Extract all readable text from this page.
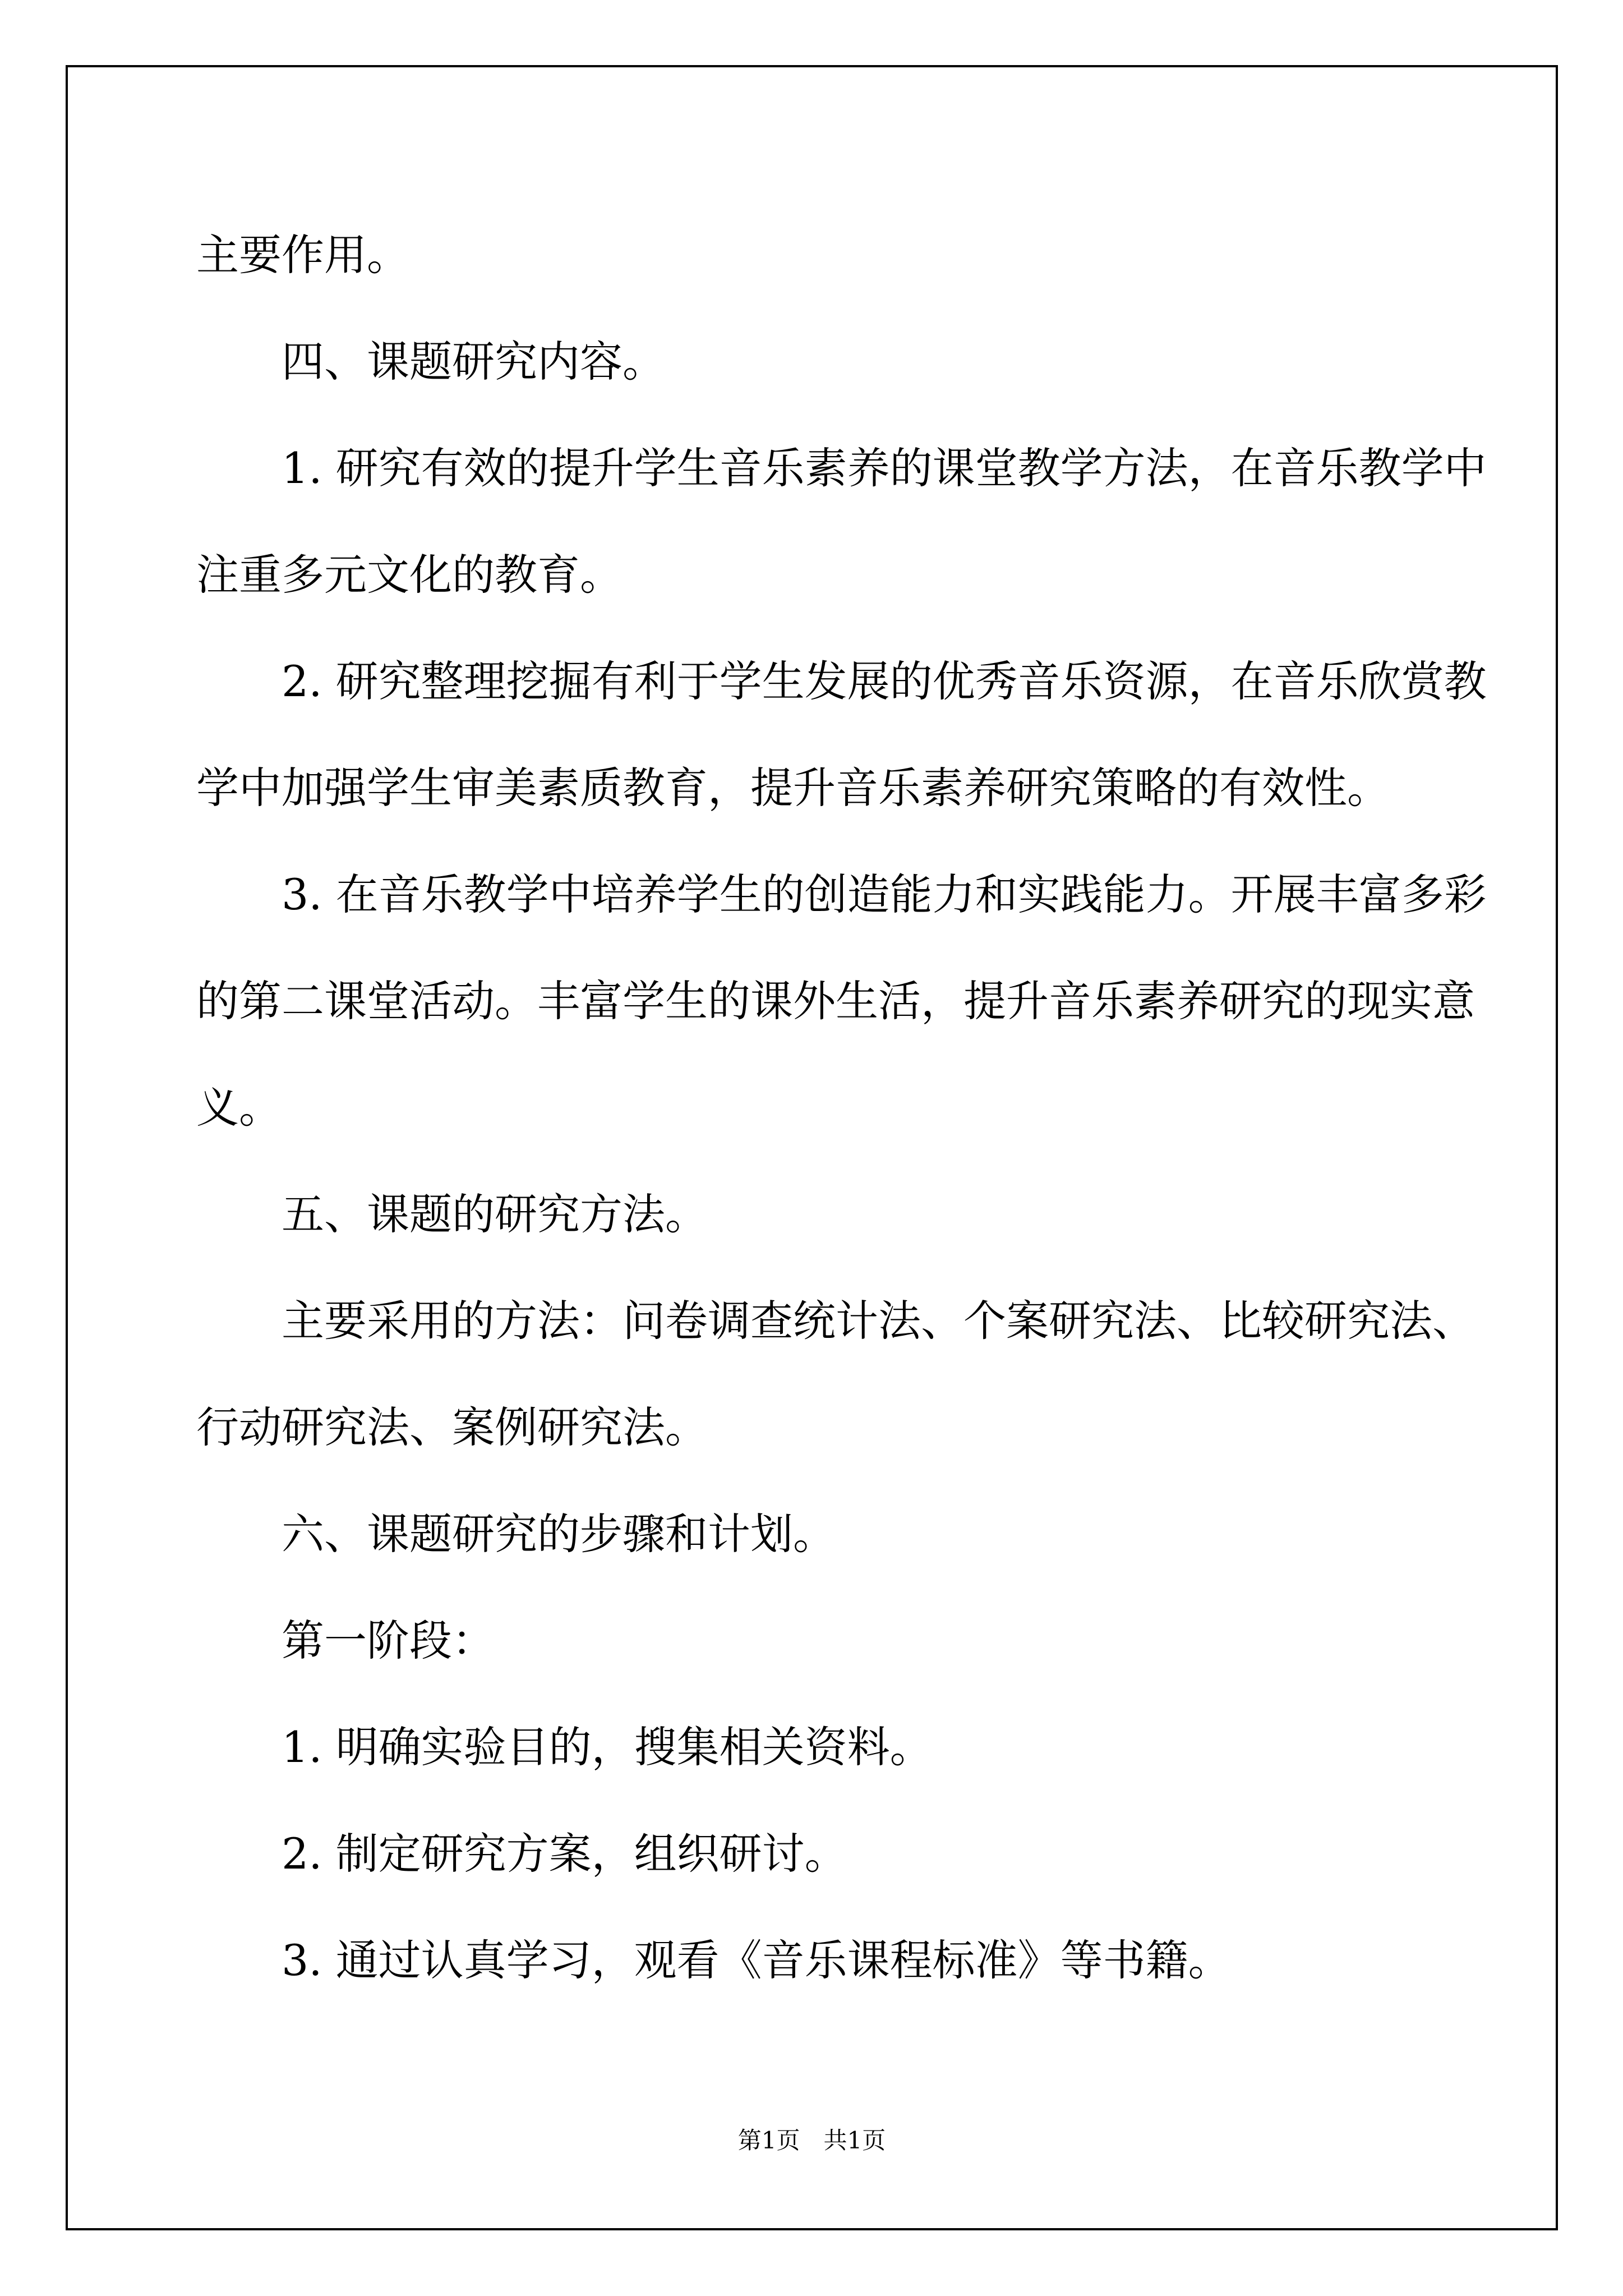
主要作用。
四、课题研究内容。
1. 研究有效的提升学生音乐素养的课堂教学方法，在音乐教学中
注重多元文化的教育。
2. 研究整理挖掘有利于学生发展的优秀音乐资源，在音乐欣赏教
学中加强学生审美素质教育，提升音乐素养研究策略的有效性。
3. 在音乐教学中培养学生的创造能力和实践能力。开展丰富多彩
的第二课堂活动。丰富学生的课外生活，提升音乐素养研究的现实意
义。
五、课题的研究方法。
主要采用的方法：问卷调查统计法、个案研究法、比较研究法、
行动研究法、案例研究法。
六、课题研究的步骤和计划。
第一阶段：
1. 明确实验目的，搜集相关资料。
2. 制定研究方案，组织研讨。
3. 通过认真学习，观看《音乐课程标准》等书籍。
第1页　共1页
